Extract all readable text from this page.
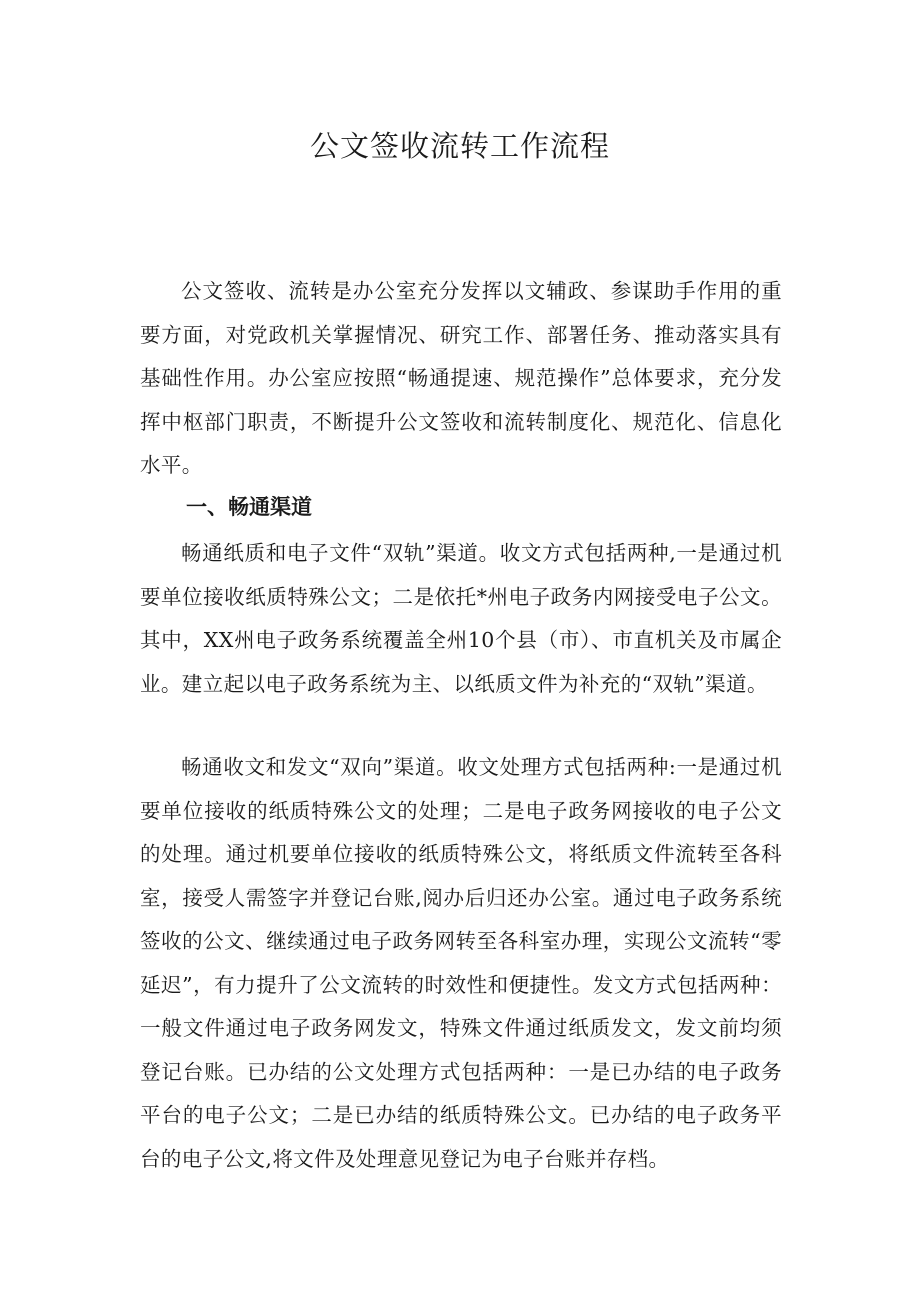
公文签收流转工作流程

公文签收、流转是办公室充分发挥以文辅政、参谋助手作用的重要方面，对党政机关掌握情况、研究工作、部署任务、推动落实具有基础性作用。办公室应按照“畅通提速、规范操作”总体要求，充分发挥中枢部门职责，不断提升公文签收和流转制度化、规范化、信息化水平。

一、畅通渠道

畅通纸质和电子文件“双轨”渠道。收文方式包括两种,一是通过机要单位接收纸质特殊公文；二是依托*州电子政务内网接受电子公文。其中，XX州电子政务系统覆盖全州10个县（市）、市直机关及市属企业。建立起以电子政务系统为主、以纸质文件为补充的“双轨”渠道。

畅通收文和发文“双向”渠道。收文处理方式包括两种:一是通过机要单位接收的纸质特殊公文的处理；二是电子政务网接收的电子公文的处理。通过机要单位接收的纸质特殊公文，将纸质文件流转至各科室，接受人需签字并登记台账,阅办后归还办公室。通过电子政务系统签收的公文、继续通过电子政务网转至各科室办理，实现公文流转“零延迟”，有力提升了公文流转的时效性和便捷性。发文方式包括两种：一般文件通过电子政务网发文，特殊文件通过纸质发文，发文前均须登记台账。已办结的公文处理方式包括两种：一是已办结的电子政务平台的电子公文；二是已办结的纸质特殊公文。已办结的电子政务平台的电子公文,将文件及处理意见登记为电子台账并存档。
